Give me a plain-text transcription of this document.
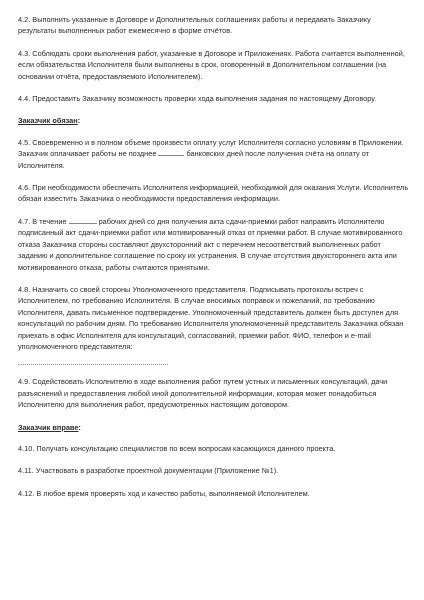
4.2. Выполнить указанные в Договоре и Дополнительных соглашениях работы и передавать Заказчику результаты выполненных работ ежемесячно в форме отчётов.

4.3. Соблюдать сроки выполнения работ, указанные в Договоре и Приложениях. Работа считается выполненной, если обязательства Исполнителя были выполнены в срок, оговоренный в Дополнительном соглашении (на основании отчёта, предоставляемого Исполнителем).

4.4. Предоставить Заказчику возможность проверки хода выполнения задания по настоящему Договору.

Заказчик обязан:

4.5. Своевременно и в полном объеме произвести оплату услуг Исполнителя согласно условиям в Приложении. Заказчик оплачивает работы не позднее	банковских дней после получения счёта на оплату от Исполнителя.

4.6. При необходимости обеспечить Исполнителя информацией, необходимой для оказания Услуги. Исполнитель обязан известить Заказчика о необходимости предоставления информации.

4.7. В течение	рабочих дней со дня получения акта сдачи-приемки работ направить Исполнителю подписанный акт сдачи-приемки работ или мотивированный отказ от приемки работ. В случае мотивированного отказа Заказчика стороны составляют двухсторонний акт с перечнем несоответствий выполненных работ заданию и дополнительное соглашение по сроку их устранения. В случае отсутствия двухстороннего акта или мотивированного отказа, работы считаются принятыми.

4.8. Назначить со своей стороны Уполномоченного представителя. Подписывать протоколы встреч с Исполнителем, по требованию Исполнителя. В случае вносимых поправок и пожеланий, по требованию Исполнителя, давать письменное подтверждение. Уполномоченный представитель должен быть доступен для консультаций по рабочим дням. По требованию Исполнителя уполномоченный представитель Заказчика обязан приехать в офис Исполнителя для консультаций, согласований, приемки работ. ФИО, телефон и e-mail уполномоченного представителя:

4.9. Содействовать Исполнителю в ходе выполнения работ путем устных и письменных консультаций, дачи разъяснений и предоставления любой иной дополнительной информации, которая может понадобиться Исполнителю для выполнения работ, предусмотренных настоящим договором.

Заказчик вправе:

4.10. Получать консультацию специалистов по всем вопросам касающихся данного проекта.

4.11. Участвовать в разработке проектной документации (Приложение №1).

4.12. В любое время проверять ход и качество работы, выполняемой Исполнителем.
